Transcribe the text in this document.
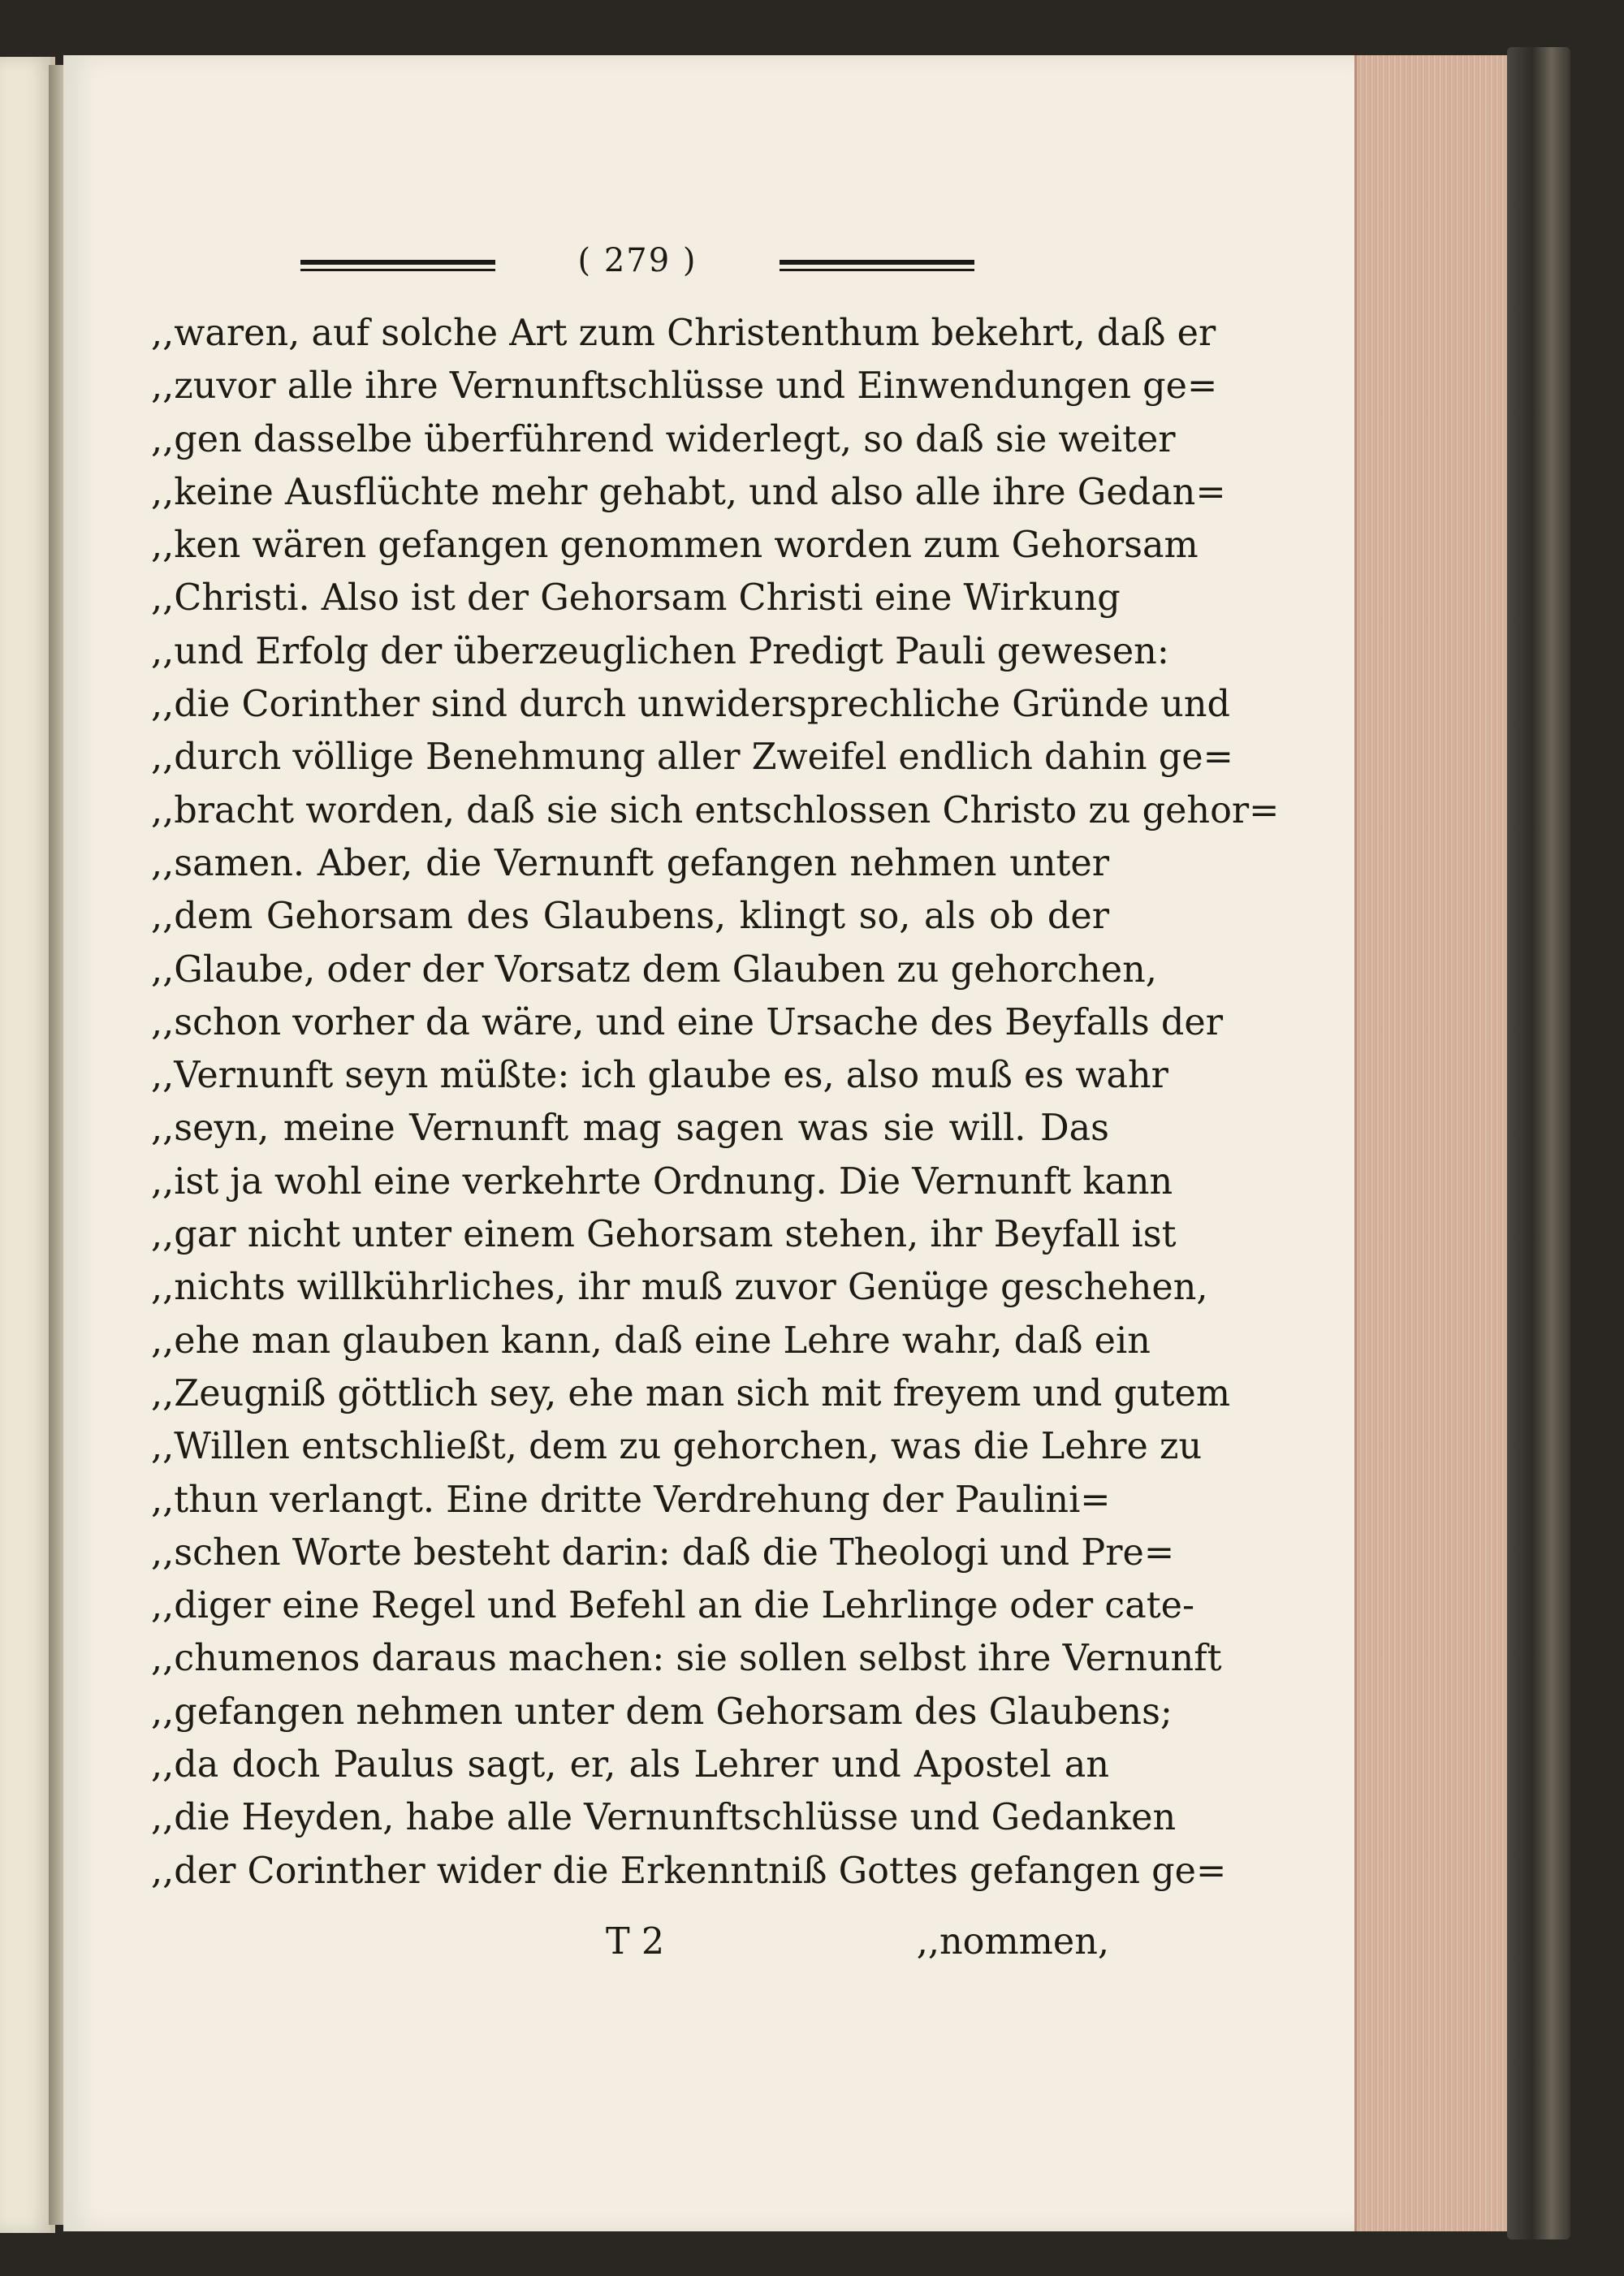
( 279 )
,,waren, auf solche Art zum Christenthum bekehrt, daß er
,,zuvor alle ihre Vernunftschlüsse und Einwendungen ge=
,,gen dasselbe überführend widerlegt, so daß sie weiter
,,keine Ausflüchte mehr gehabt, und also alle ihre Gedan=
,,ken wären gefangen genommen worden zum Gehorsam
,,Christi. Also ist der Gehorsam Christi eine Wirkung
,,und Erfolg der überzeuglichen Predigt Pauli gewesen:
,,die Corinther sind durch unwidersprechliche Gründe und
,,durch völlige Benehmung aller Zweifel endlich dahin ge=
,,bracht worden, daß sie sich entschlossen Christo zu gehor=
,,samen. Aber, die Vernunft gefangen nehmen unter
,,dem Gehorsam des Glaubens, klingt so, als ob der
,,Glaube, oder der Vorsatz dem Glauben zu gehorchen,
,,schon vorher da wäre, und eine Ursache des Beyfalls der
,,Vernunft seyn müßte: ich glaube es, also muß es wahr
,,seyn, meine Vernunft mag sagen was sie will. Das
,,ist ja wohl eine verkehrte Ordnung. Die Vernunft kann
,,gar nicht unter einem Gehorsam stehen, ihr Beyfall ist
,,nichts willkührliches, ihr muß zuvor Genüge geschehen,
,,ehe man glauben kann, daß eine Lehre wahr, daß ein
,,Zeugniß göttlich sey, ehe man sich mit freyem und gutem
,,Willen entschließt, dem zu gehorchen, was die Lehre zu
,,thun verlangt. Eine dritte Verdrehung der Paulini=
,,schen Worte besteht darin: daß die Theologi und Pre=
,,diger eine Regel und Befehl an die Lehrlinge oder cate-
,,chumenos daraus machen: sie sollen selbst ihre Vernunft
,,gefangen nehmen unter dem Gehorsam des Glaubens;
,,da doch Paulus sagt, er, als Lehrer und Apostel an
,,die Heyden, habe alle Vernunftschlüsse und Gedanken
,,der Corinther wider die Erkenntniß Gottes gefangen ge=
T 2	,,nommen,
